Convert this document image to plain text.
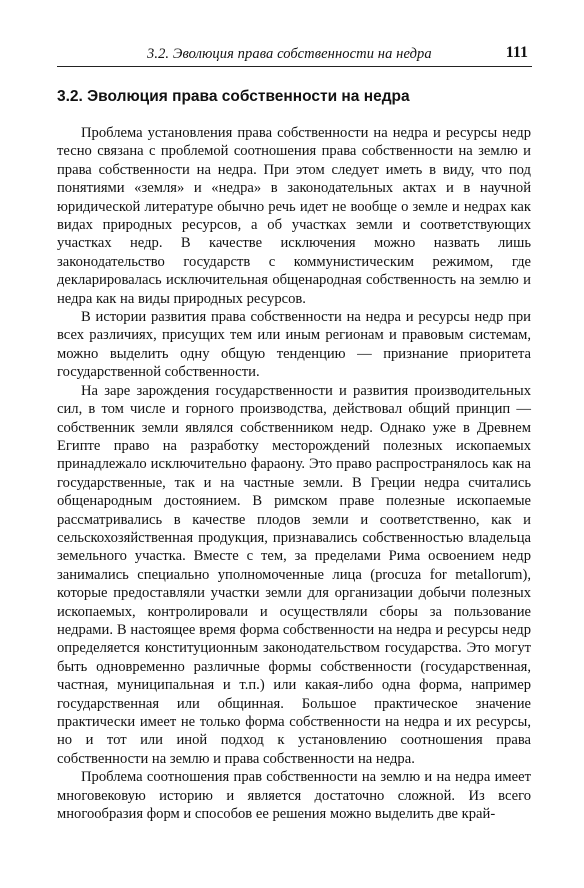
3.2. Эволюция права собственности на недра	111
3.2. Эволюция права собственности на недра

Проблема установления права собственности на недра и ресурсы недр тесно связана с проблемой соотношения права собственности на землю и права собственности на недра. При этом следует иметь в виду, что под понятиями «земля» и «недра» в законодательных актах и в научной юридической литературе обычно речь идет не вообще о земле и недрах как видах природных ресурсов, а об участках земли и соответствующих участках недр. В качестве исключения можно назвать лишь законодательство государств с коммунистическим режимом, где декларировалась исключительная общенародная собственность на землю и недра как на виды природных ресурсов.

В истории развития права собственности на недра и ресурсы недр при всех различиях, присущих тем или иным регионам и правовым системам, можно выделить одну общую тенденцию — признание приоритета государственной собственности.

На заре зарождения государственности и развития производительных сил, в том числе и горного производства, действовал общий принцип — собственник земли являлся собственником недр. Однако уже в Древнем Египте право на разработку месторождений полезных ископаемых принадлежало исключительно фараону. Это право распространялось как на государственные, так и на частные земли. В Греции недра считались общенародным достоянием. В римском праве полезные ископаемые рассматривались в качестве плодов земли и соответственно, как и сельскохозяйственная продукция, признавались собственностью владельца земельного участка. Вместе с тем, за пределами Рима освоением недр занимались специально уполномоченные лица (procuza for metallorum), которые предоставляли участки земли для организации добычи полезных ископаемых, контролировали и осуществляли сборы за пользование недрами. В настоящее время форма собственности на недра и ресурсы недр определяется конституционным законодательством государства. Это могут быть одновременно различные формы собственности (государственная, частная, муниципальная и т.п.) или какая-либо одна форма, например государственная или общинная. Большое практическое значение практически имеет не только форма собственности на недра и их ресурсы, но и тот или иной подход к установлению соотношения права собственности на землю и права собственности на недра.

Проблема соотношения прав собственности на землю и на недра имеет многовековую историю и является достаточно сложной. Из всего многообразия форм и способов ее решения можно выделить две край-
